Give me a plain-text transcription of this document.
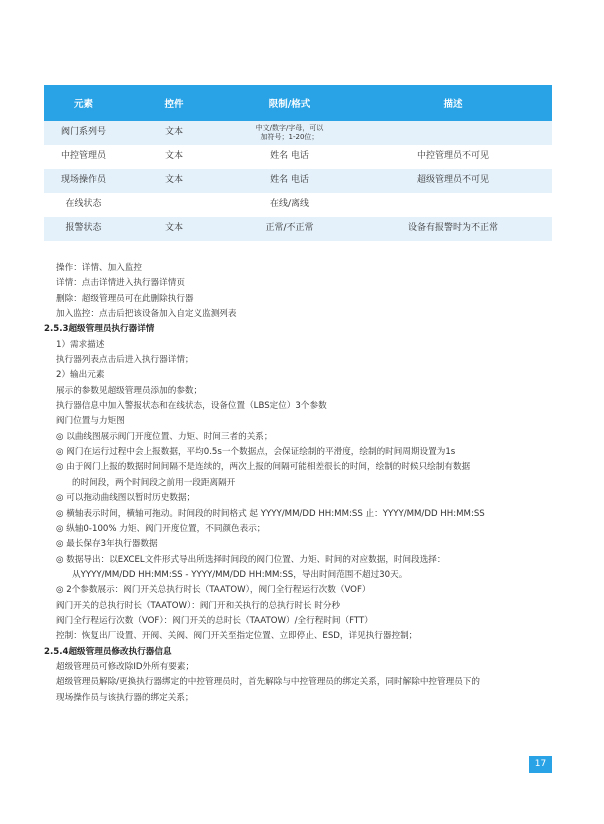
元素	控件	限制/格式	描述
阀门系列号	文本	中文/数字/字母，可以
加符号；1-20位；	
中控管理员	文本	姓名 电话	中控管理员不可见
现场操作员	文本	姓名 电话	超级管理员不可见
在线状态		在线/离线	
报警状态	文本	正常/不正常	设备有报警时为不正常
操作：详情、加入监控
详情：点击详情进入执行器详情页
删除：超级管理员可在此删除执行器
加入监控：点击后把该设备加入自定义监测列表
2.5.3超级管理员执行器详情
1）需求描述
执行器列表点击后进入执行器详情；
2）输出元素
展示的参数见超级管理员添加的参数；
执行器信息中加入警报状态和在线状态，设备位置（LBS定位）3个参数
阀门位置与力矩图
◎ 以曲线图展示阀门开度位置、力矩、时间三者的关系；
◎ 阀门在运行过程中会上报数据，平均0.5s一个数据点，会保证绘制的平滑度，绘制的时间周期设置为1s
◎ 由于阀门上报的数据时间间隔不是连续的，两次上报的间隔可能相差很长的时间，绘制的时候只绘制有数据
的时间段，两个时间段之前用一段距离隔开
◎ 可以拖动曲线图以暂时历史数据；
◎ 横轴表示时间，横轴可拖动。时间段的时间格式 起 YYYY/MM/DD HH:MM:SS 止：YYYY/MM/DD HH:MM:SS
◎ 纵轴0-100% 力矩、阀门开度位置，不同颜色表示；
◎ 最长保存3年执行器数据
◎ 数据导出：以EXCEL文件形式导出所选择时间段的阀门位置、力矩、时间的对应数据，时间段选择：
从YYYY/MM/DD HH:MM:SS - YYYY/MM/DD HH:MM:SS，导出时间范围不超过30天。
◎ 2个参数展示：阀门开关总执行时长（TAATOW），阀门全行程运行次数（VOF）
阀门开关的总执行时长（TAATOW）：阀门开和关执行的总执行时长 时分秒
阀门全行程运行次数（VOF）：阀门开关的总时长（TAATOW）/全行程时间（FTT）
控制：恢复出厂设置、开阀、关阀、阀门开关至指定位置、立即停止、ESD，详见执行器控制；
2.5.4超级管理员修改执行器信息
超级管理员可修改除ID外所有要素；
超级管理员解除/更换执行器绑定的中控管理员时，首先解除与中控管理员的绑定关系，同时解除中控管理员下的
现场操作员与该执行器的绑定关系；
17
